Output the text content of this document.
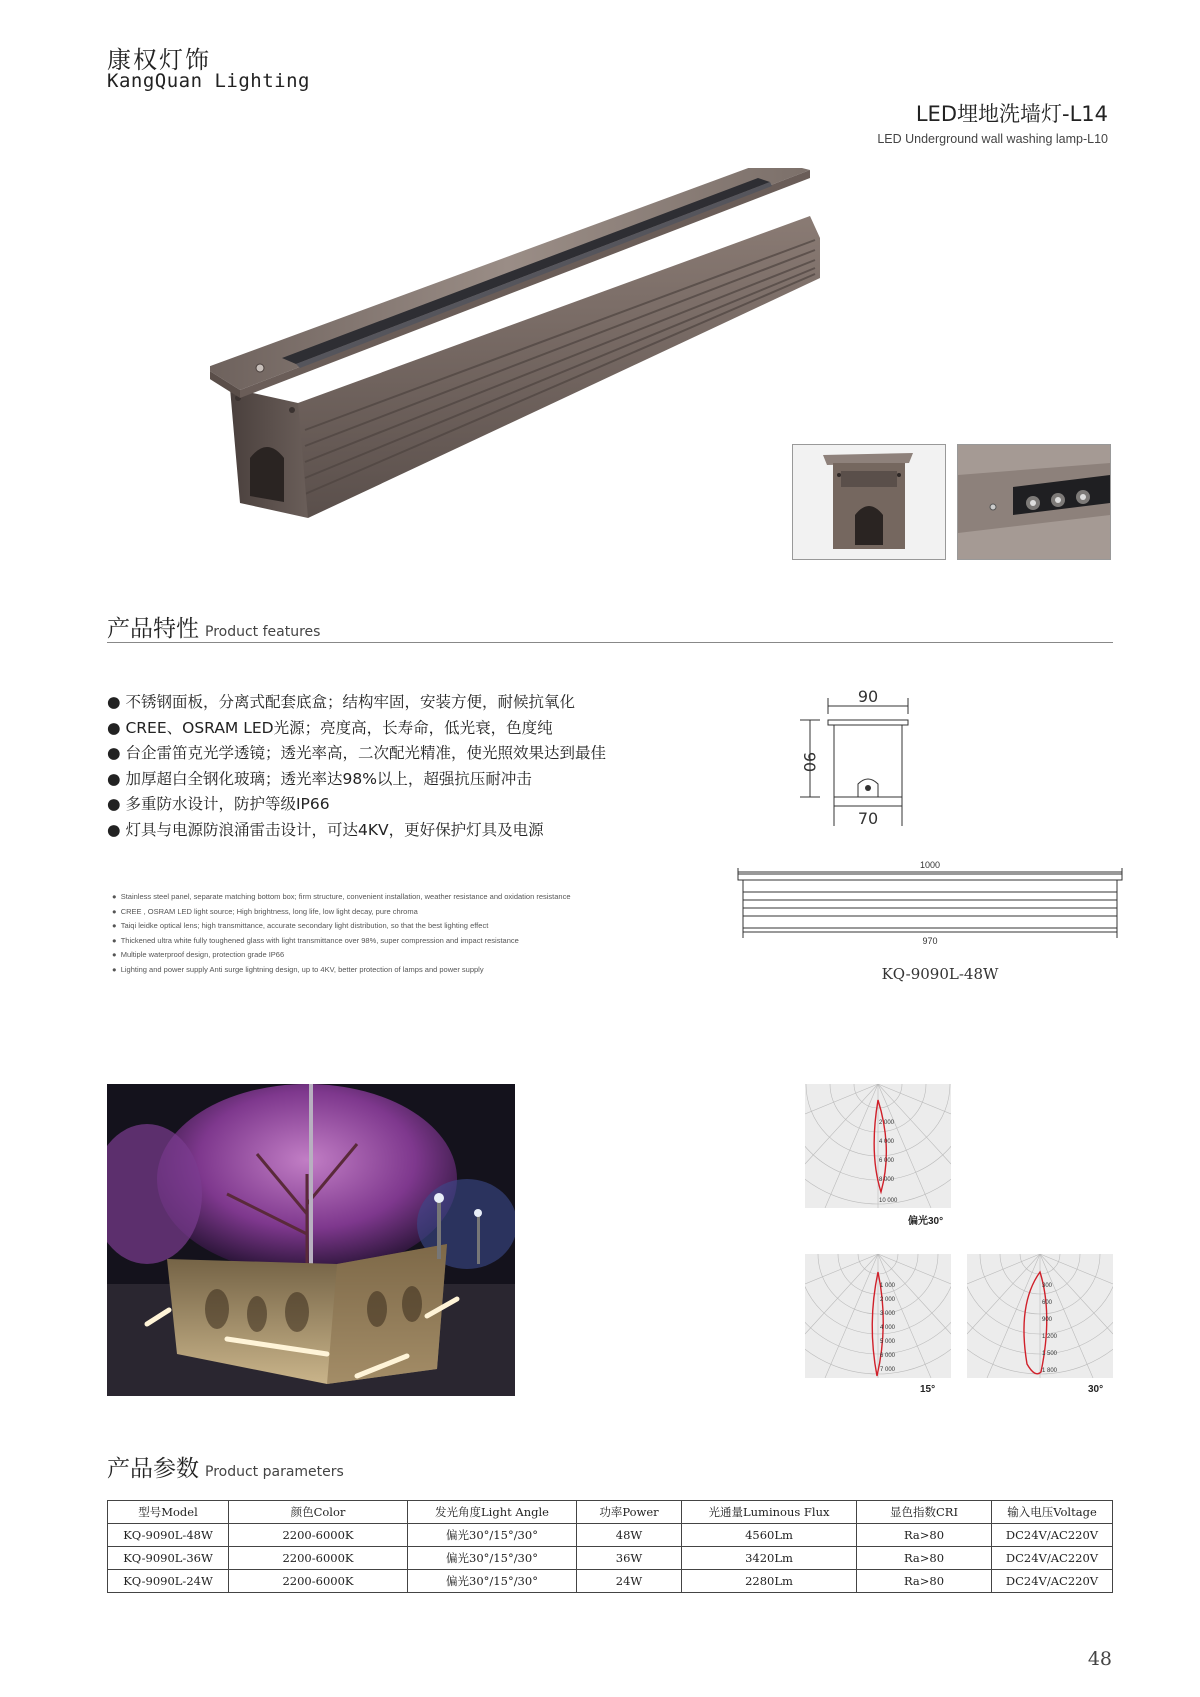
康权灯饰
KangQuan Lighting
LED埋地洗墙灯-L14
LED Underground wall washing lamp-L10
产品特性 Product features
● 不锈钢面板，分离式配套底盒；结构牢固，安装方便，耐候抗氧化
● CREE、OSRAM LED光源；亮度高，长寿命，低光衰，色度纯
● 台企雷笛克光学透镜；透光率高，二次配光精准，使光照效果达到最佳
● 加厚超白全钢化玻璃；透光率达98%以上，超强抗压耐冲击
● 多重防水设计，防护等级IP66
● 灯具与电源防浪涌雷击设计，可达4KV，更好保护灯具及电源
● Stainless steel panel, separate matching bottom box; firm structure, convenient installation, weather resistance and oxidation resistance
● CREE , OSRAM LED light source; High brightness, long life, low light decay, pure chroma
● Taiqi leidke optical lens; high transmittance, accurate secondary light distribution, so that the best lighting effect
● Thickened ultra white fully toughened glass with light transmittance over 98%, super compression and impact resistance
● Multiple waterproof design, protection grade IP66
● Lighting and power supply Anti surge lightning design, up to 4KV, better protection of lamps and power supply
90
90
70
1000
970
KQ-9090L-48W
2 000
4 000
6 000
8 000
10 000
偏光30°
1 000
2 000
3 000
4 000
5 000
6 000
7 000
15°
300
600
900
1 200
1 500
1 800
30°
产品参数 Product parameters
型号Model	颜色Color	发光角度Light Angle	功率Power	光通量Luminous Flux	显色指数CRI	输入电压Voltage
KQ-9090L-48W	2200-6000K	偏光30°/15°/30°	48W	4560Lm	Ra>80	DC24V/AC220V
KQ-9090L-36W	2200-6000K	偏光30°/15°/30°	36W	3420Lm	Ra>80	DC24V/AC220V
KQ-9090L-24W	2200-6000K	偏光30°/15°/30°	24W	2280Lm	Ra>80	DC24V/AC220V
48
